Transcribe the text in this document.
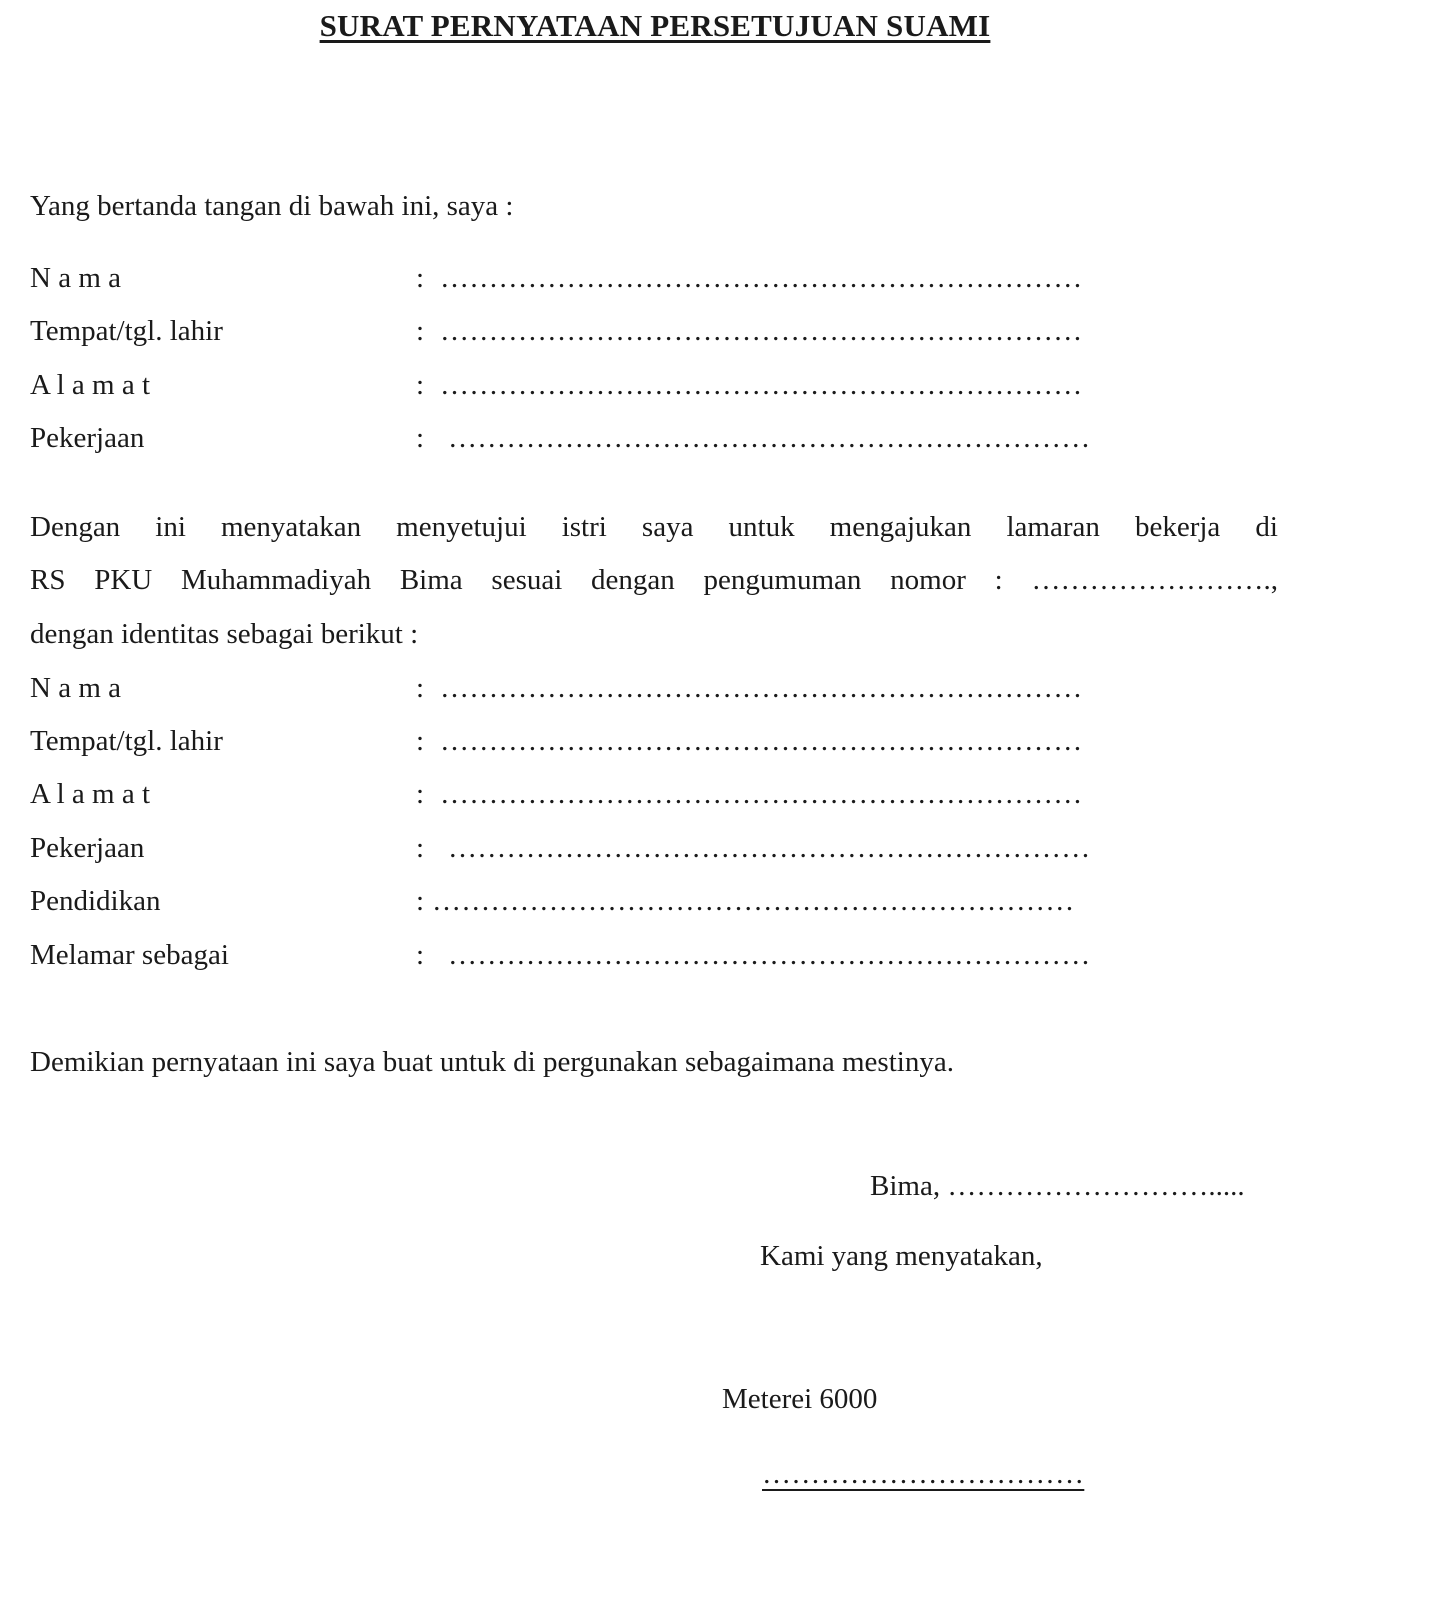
SURAT PERNYATAAN PERSETUJUAN SUAMI
Yang bertanda tangan di bawah ini, saya :
N a m a	: …………………………………………………………
Tempat/tgl. lahir	: …………………………………………………………
A l a m a t	: …………………………………………………………
Pekerjaan	: …………………………………………………………
Dengan ini menyatakan menyetujui istri saya untuk mengajukan lamaran bekerja di
RS PKU Muhammadiyah Bima sesuai dengan pengumuman nomor : …………………….,
dengan identitas sebagai berikut :
N a m a	: …………………………………………………………
Tempat/tgl. lahir	: …………………………………………………………
A l a m a t	: …………………………………………………………
Pekerjaan	: …………………………………………………………
Pendidikan	: …………………………………………………………
Melamar sebagai	: …………………………………………………………
Demikian pernyataan ini saya buat untuk di pergunakan sebagaimana mestinya.
Bima, ……………………….....
Kami yang menyatakan,
Meterei 6000
……………………………
